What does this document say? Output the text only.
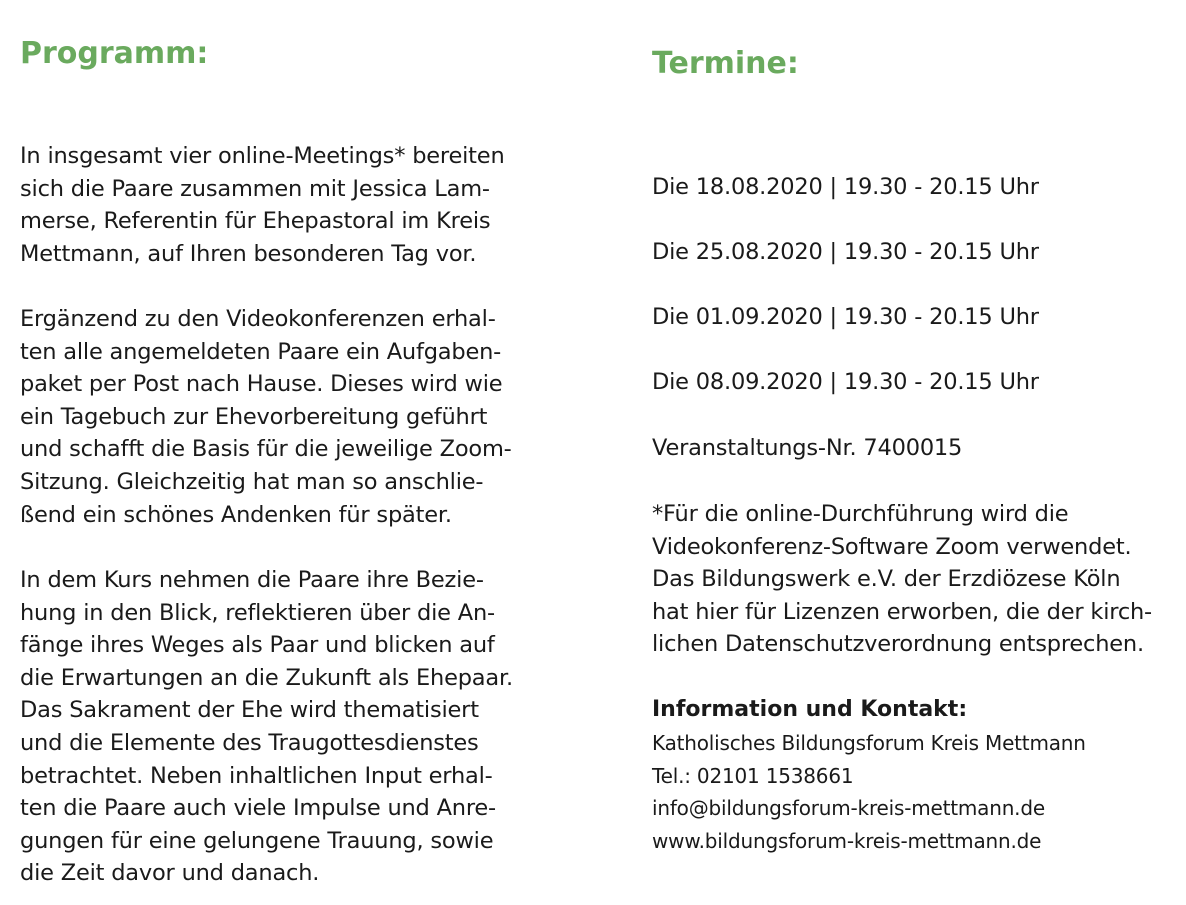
Programm:

In insgesamt vier online-Meetings* bereiten
sich die Paare zusammen mit Jessica Lam-
merse, Referentin für Ehepastoral im Kreis
Mettmann, auf Ihren besonderen Tag vor.

Ergänzend zu den Videokonferenzen erhal-
ten alle angemeldeten Paare ein Aufgaben-
paket per Post nach Hause. Dieses wird wie
ein Tagebuch zur Ehevorbereitung geführt
und schafft die Basis für die jeweilige Zoom-
Sitzung. Gleichzeitig hat man so anschlie-
ßend ein schönes Andenken für später.

In dem Kurs nehmen die Paare ihre Bezie-
hung in den Blick, reflektieren über die An-
fänge ihres Weges als Paar und blicken auf
die Erwartungen an die Zukunft als Ehepaar.
Das Sakrament der Ehe wird thematisiert
und die Elemente des Traugottesdienstes
betrachtet. Neben inhaltlichen Input erhal-
ten die Paare auch viele Impulse und Anre-
gungen für eine gelungene Trauung, sowie
die Zeit davor und danach.

Termine:

Die 18.08.2020 | 19.30 - 20.15 Uhr

Die 25.08.2020 | 19.30 - 20.15 Uhr

Die 01.09.2020 | 19.30 - 20.15 Uhr

Die 08.09.2020 | 19.30 - 20.15 Uhr

Veranstaltungs-Nr. 7400015

*Für die online-Durchführung wird die
Videokonferenz-Software Zoom verwendet.
Das Bildungswerk e.V. der Erzdiözese Köln
hat hier für Lizenzen erworben, die der kirch-
lichen Datenschutzverordnung entsprechen.

Information und Kontakt:

Katholisches Bildungsforum Kreis Mettmann

Tel.: 02101 1538661

info@bildungsforum-kreis-mettmann.de

www.bildungsforum-kreis-mettmann.de
